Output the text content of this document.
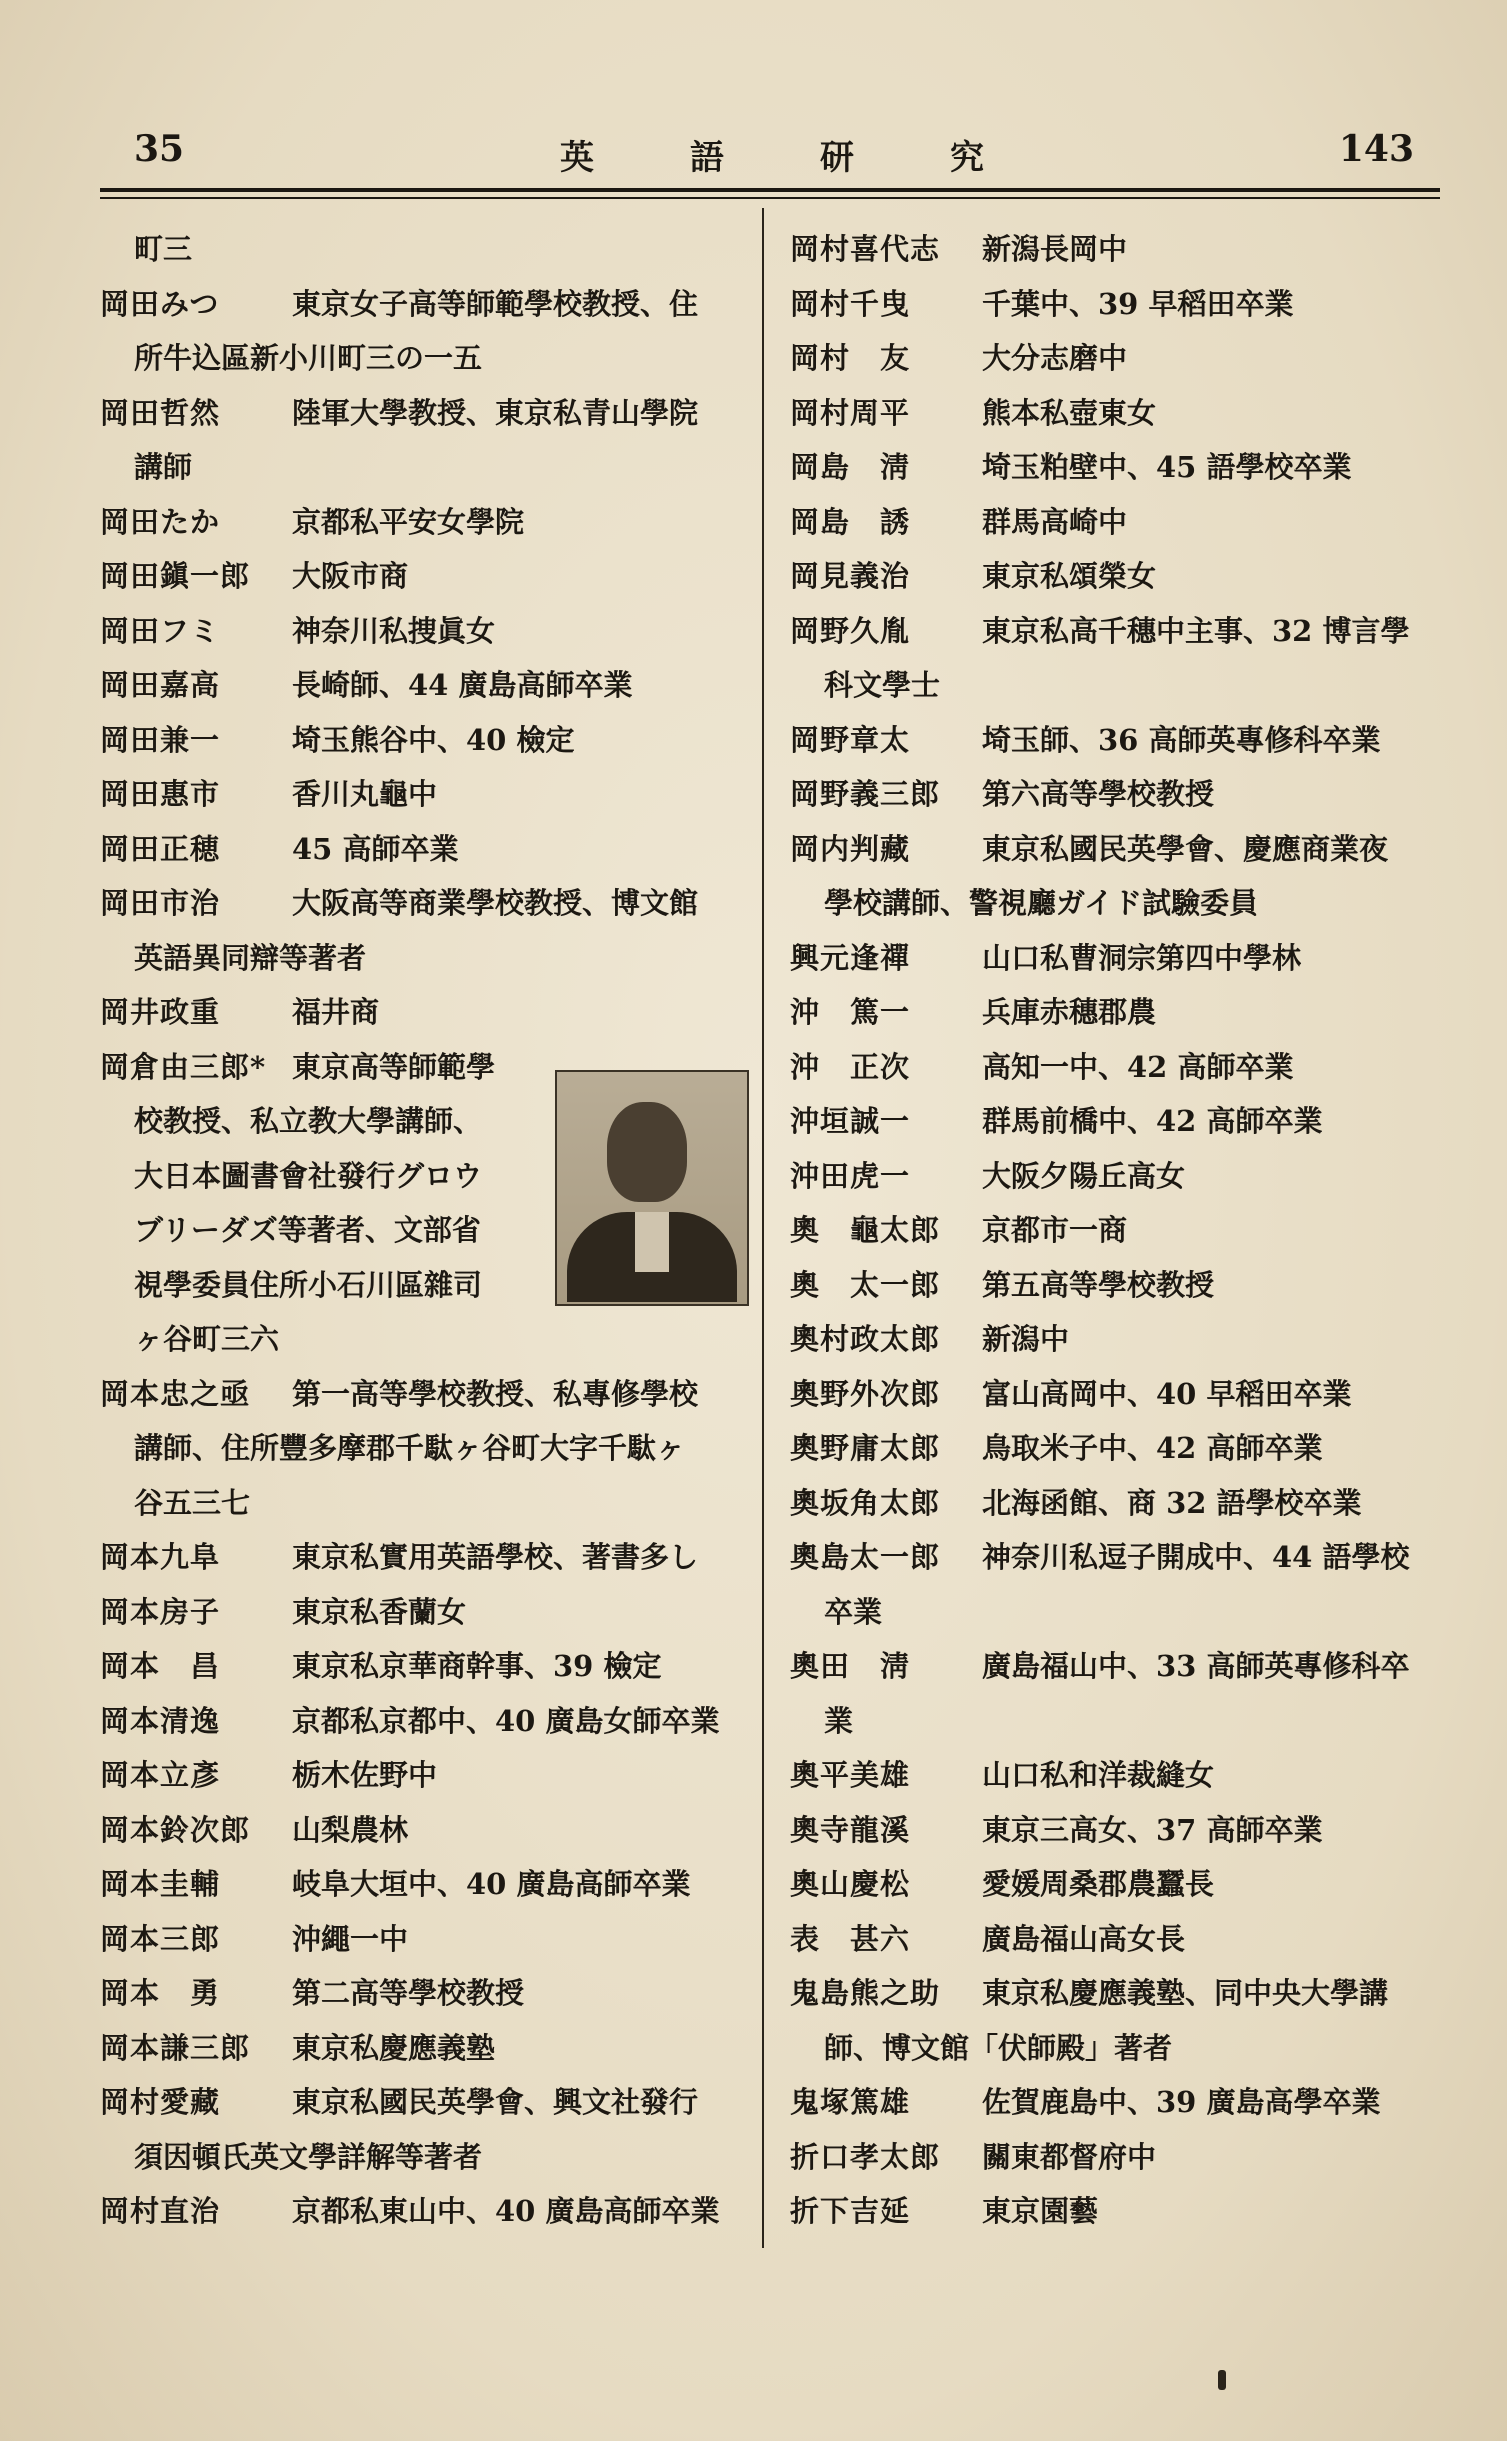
35	英	語	研	究	143
町三
岡田みつ	東京女子高等師範學校教授、住
所牛込區新小川町三の一五
岡田哲然 陸軍大學教授、東京私青山學院
講師
岡田たか 京都私平安女學院
岡田鎭一郎 大阪市商
岡田フミ 神奈川私捜眞女
岡田嘉高 長崎師、44 廣島高師卒業
岡田兼一 埼玉熊谷中、40 檢定
岡田惠市 香川丸龜中
岡田正穂 45 高師卒業
岡田市治 大阪高等商業學校教授、博文館
英語異同辯等著者
岡井政重 福井商
岡倉由三郎* 東京高等師範學
校教授、私立教大學講師、
大日本圖書會社發行グロウ
ブリーダズ等著者、文部省
視學委員住所小石川區雜司
ヶ谷町三六
岡本忠之亟 第一高等學校教授、私專修學校
講師、住所豐多摩郡千駄ヶ谷町大字千駄ヶ
谷五三七
岡本九阜 東京私實用英語學校、著書多し
岡本房子 東京私香蘭女
岡本　昌 東京私京華商幹事、39 檢定
岡本清逸 京都私京都中、40 廣島女師卒業
岡本立彥 栃木佐野中
岡本鈴次郎 山梨農林
岡本圭輔 岐阜大垣中、40 廣島高師卒業
岡本三郎 沖繩一中
岡本　勇 第二高等學校教授
岡本謙三郎 東京私慶應義塾
岡村愛藏 東京私國民英學會、興文社發行
須因頓氏英文學詳解等著者
岡村直治 京都私東山中、40 廣島高師卒業
岡村喜代志 新潟長岡中
岡村千曳 千葉中、39 早稻田卒業
岡村　友 大分志磨中
岡村周平 熊本私壺東女
岡島　淸 埼玉粕壁中、45 語學校卒業
岡島　誘 群馬高崎中
岡見義治 東京私頌榮女
岡野久胤 東京私高千穗中主事、32 博言學
科文學士
岡野章太 埼玉師、36 高師英專修科卒業
岡野義三郎 第六高等學校教授
岡内判藏 東京私國民英學會、慶應商業夜
學校講師、警視廳ガイド試驗委員
興元逢禪 山口私曹洞宗第四中學林
沖　篤一 兵庫赤穗郡農
沖　正次 高知一中、42 高師卒業
沖垣誠一 群馬前橋中、42 高師卒業
沖田虎一 大阪夕陽丘高女
奧　龜太郎 京都市一商
奧　太一郎 第五高等學校教授
奧村政太郎 新潟中
奧野外次郎 富山高岡中、40 早稻田卒業
奧野庸太郎 鳥取米子中、42 高師卒業
奧坂角太郎 北海函館、商 32 語學校卒業
奧島太一郎 神奈川私逗子開成中、44 語學校
卒業
奧田　淸 廣島福山中、33 高師英專修科卒
業
奧平美雄 山口私和洋裁縫女
奧寺龍溪 東京三高女、37 高師卒業
奧山慶松 愛媛周桑郡農蠶長
表　甚六 廣島福山高女長
鬼島熊之助 東京私慶應義塾、同中央大學講
師、博文館「伏師殿」著者
鬼塚篤雄 佐賀鹿島中、39 廣島高學卒業
折口孝太郎 關東都督府中
折下吉延 東京園藝
